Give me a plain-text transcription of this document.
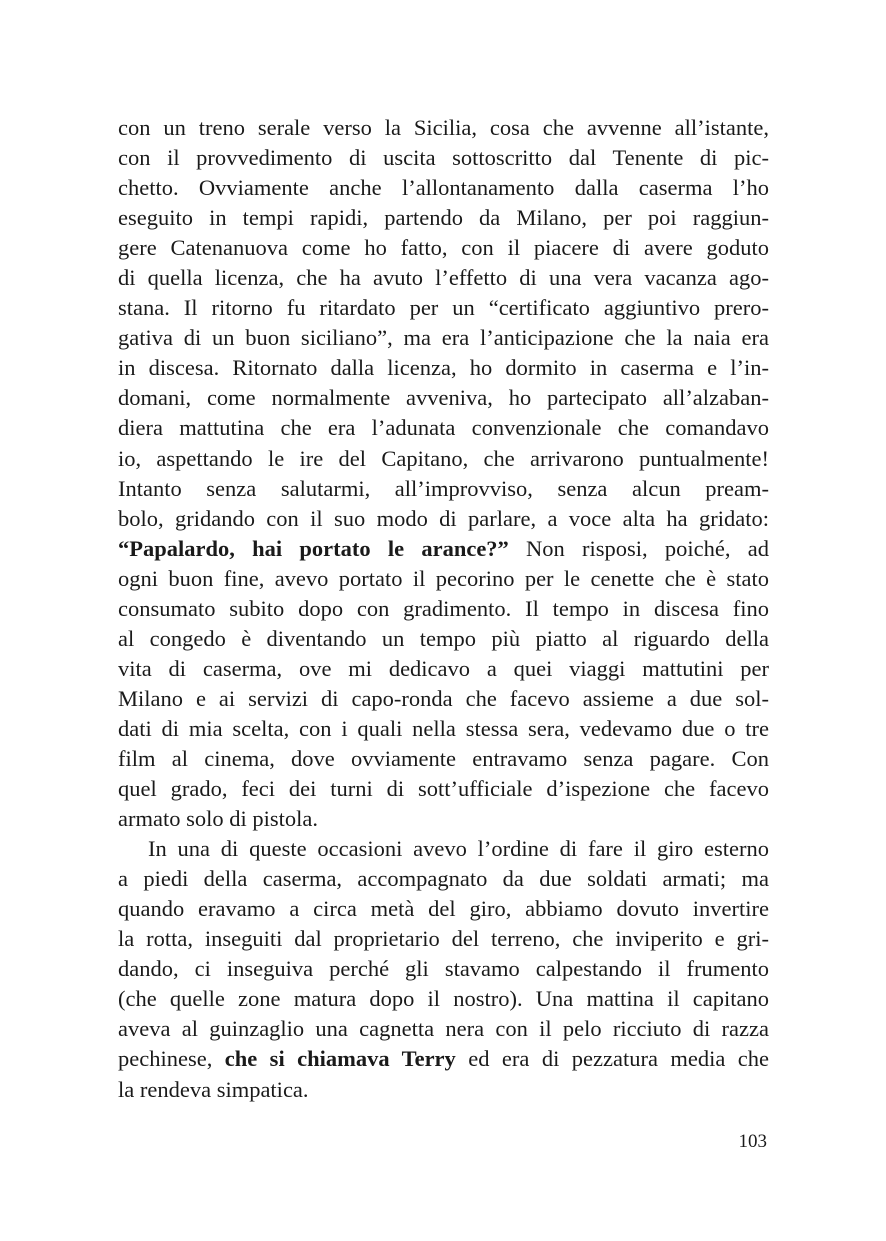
con un treno serale verso la Sicilia, cosa che avvenne all’istante,
con il provvedimento di uscita sottoscritto dal Tenente di pic-
chetto. Ovviamente anche l’allontanamento dalla caserma l’ho
eseguito in tempi rapidi, partendo da Milano, per poi raggiun-
gere Catenanuova come ho fatto, con il piacere di avere goduto
di quella licenza, che ha avuto l’effetto di una vera vacanza ago-
stana. Il ritorno fu ritardato per un “certificato aggiuntivo prero-
gativa di un buon siciliano”, ma era l’anticipazione che la naia era
in discesa. Ritornato dalla licenza, ho dormito in caserma e l’in-
domani, come normalmente avveniva, ho partecipato all’alzaban-
diera mattutina che era l’adunata convenzionale che comandavo
io, aspettando le ire del Capitano, che arrivarono puntualmente!
Intanto senza salutarmi, all’improvviso, senza alcun pream-
bolo, gridando con il suo modo di parlare, a voce alta ha gridato:
“Papalardo, hai portato le arance?” Non risposi, poiché, ad
ogni buon fine, avevo portato il pecorino per le cenette che è stato
consumato subito dopo con gradimento. Il tempo in discesa fino
al congedo è diventando un tempo più piatto al riguardo della
vita di caserma, ove mi dedicavo a quei viaggi mattutini per
Milano e ai servizi di capo-ronda che facevo assieme a due sol-
dati di mia scelta, con i quali nella stessa sera, vedevamo due o tre
film al cinema, dove ovviamente entravamo senza pagare. Con
quel grado, feci dei turni di sott’ufficiale d’ispezione che facevo
armato solo di pistola.
In una di queste occasioni avevo l’ordine di fare il giro esterno
a piedi della caserma, accompagnato da due soldati armati; ma
quando eravamo a circa metà del giro, abbiamo dovuto invertire
la rotta, inseguiti dal proprietario del terreno, che inviperito e gri-
dando, ci inseguiva perché gli stavamo calpestando il frumento
(che quelle zone matura dopo il nostro). Una mattina il capitano
aveva al guinzaglio una cagnetta nera con il pelo ricciuto di razza
pechinese, che si chiamava Terry ed era di pezzatura media che
la rendeva simpatica.
103
